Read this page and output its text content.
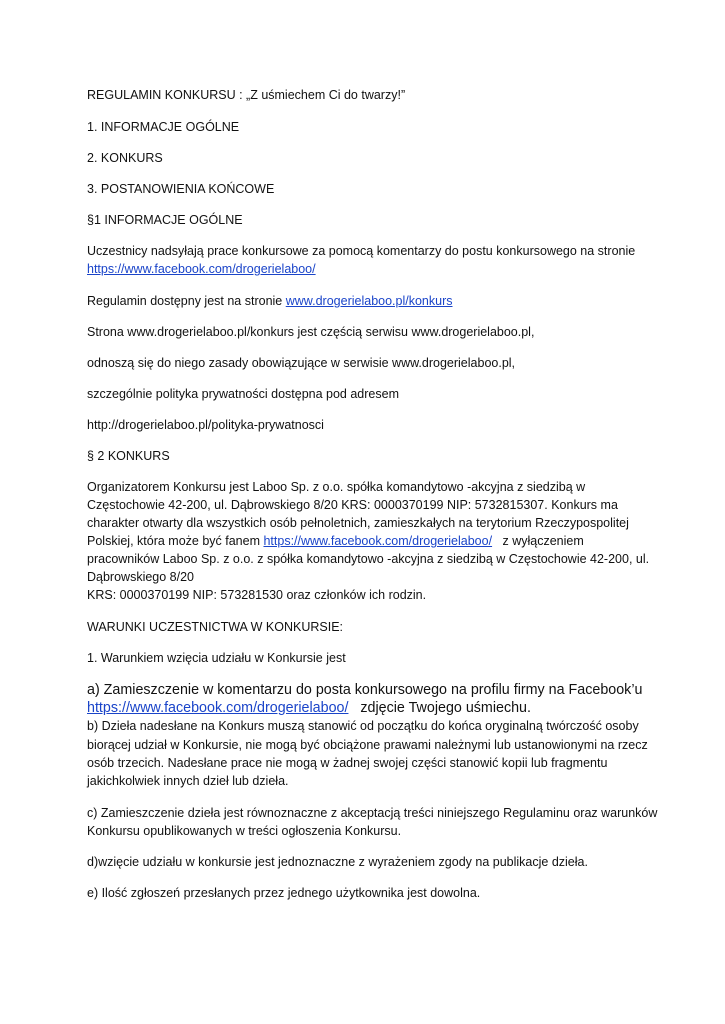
REGULAMIN KONKURSU : „Z uśmiechem Ci do twarzy!”
1. INFORMACJE OGÓLNE
2. KONKURS
3. POSTANOWIENIA KOŃCOWE
§1 INFORMACJE OGÓLNE
Uczestnicy nadsyłają prace konkursowe za pomocą komentarzy do postu konkursowego na stronie
https://www.facebook.com/drogerielaboo/
Regulamin dostępny jest na stronie www.drogerielaboo.pl/konkurs
Strona www.drogerielaboo.pl/konkurs jest częścią serwisu www.drogerielaboo.pl,
odnoszą się do niego zasady obowiązujące w serwisie www.drogerielaboo.pl,
szczególnie polityka prywatności dostępna pod adresem
http://drogerielaboo.pl/polityka-prywatnosci
§ 2 KONKURS
Organizatorem Konkursu jest Laboo Sp. z o.o. spółka komandytowo -akcyjna z siedzibą w
Częstochowie 42-200, ul. Dąbrowskiego 8/20 KRS: 0000370199 NIP: 5732815307. Konkurs ma
charakter otwarty dla wszystkich osób pełnoletnich, zamieszkałych na terytorium Rzeczypospolitej
Polskiej, która może być fanem https://www.facebook.com/drogerielaboo/   z wyłączeniem
pracowników Laboo Sp. z o.o. z spółka komandytowo -akcyjna z siedzibą w Częstochowie 42-200, ul.
Dąbrowskiego 8/20
KRS: 0000370199 NIP: 573281530 oraz członków ich rodzin.
WARUNKI UCZESTNICTWA W KONKURSIE:
1. Warunkiem wzięcia udziału w Konkursie jest
a) Zamieszczenie w komentarzu do posta konkursowego na profilu firmy na Facebook’u
https://www.facebook.com/drogerielaboo/   zdjęcie Twojego uśmiechu.
b) Dzieła nadesłane na Konkurs muszą stanowić od początku do końca oryginalną twórczość osoby
biorącej udział w Konkursie, nie mogą być obciążone prawami należnymi lub ustanowionymi na rzecz
osób trzecich. Nadesłane prace nie mogą w żadnej swojej części stanowić kopii lub fragmentu
jakichkolwiek innych dzieł lub dzieła.
c) Zamieszczenie dzieła jest równoznaczne z akceptacją treści niniejszego Regulaminu oraz warunków
Konkursu opublikowanych w treści ogłoszenia Konkursu.
d)wzięcie udziału w konkursie jest jednoznaczne z wyrażeniem zgody na publikacje dzieła.
e) Ilość zgłoszeń przesłanych przez jednego użytkownika jest dowolna.
